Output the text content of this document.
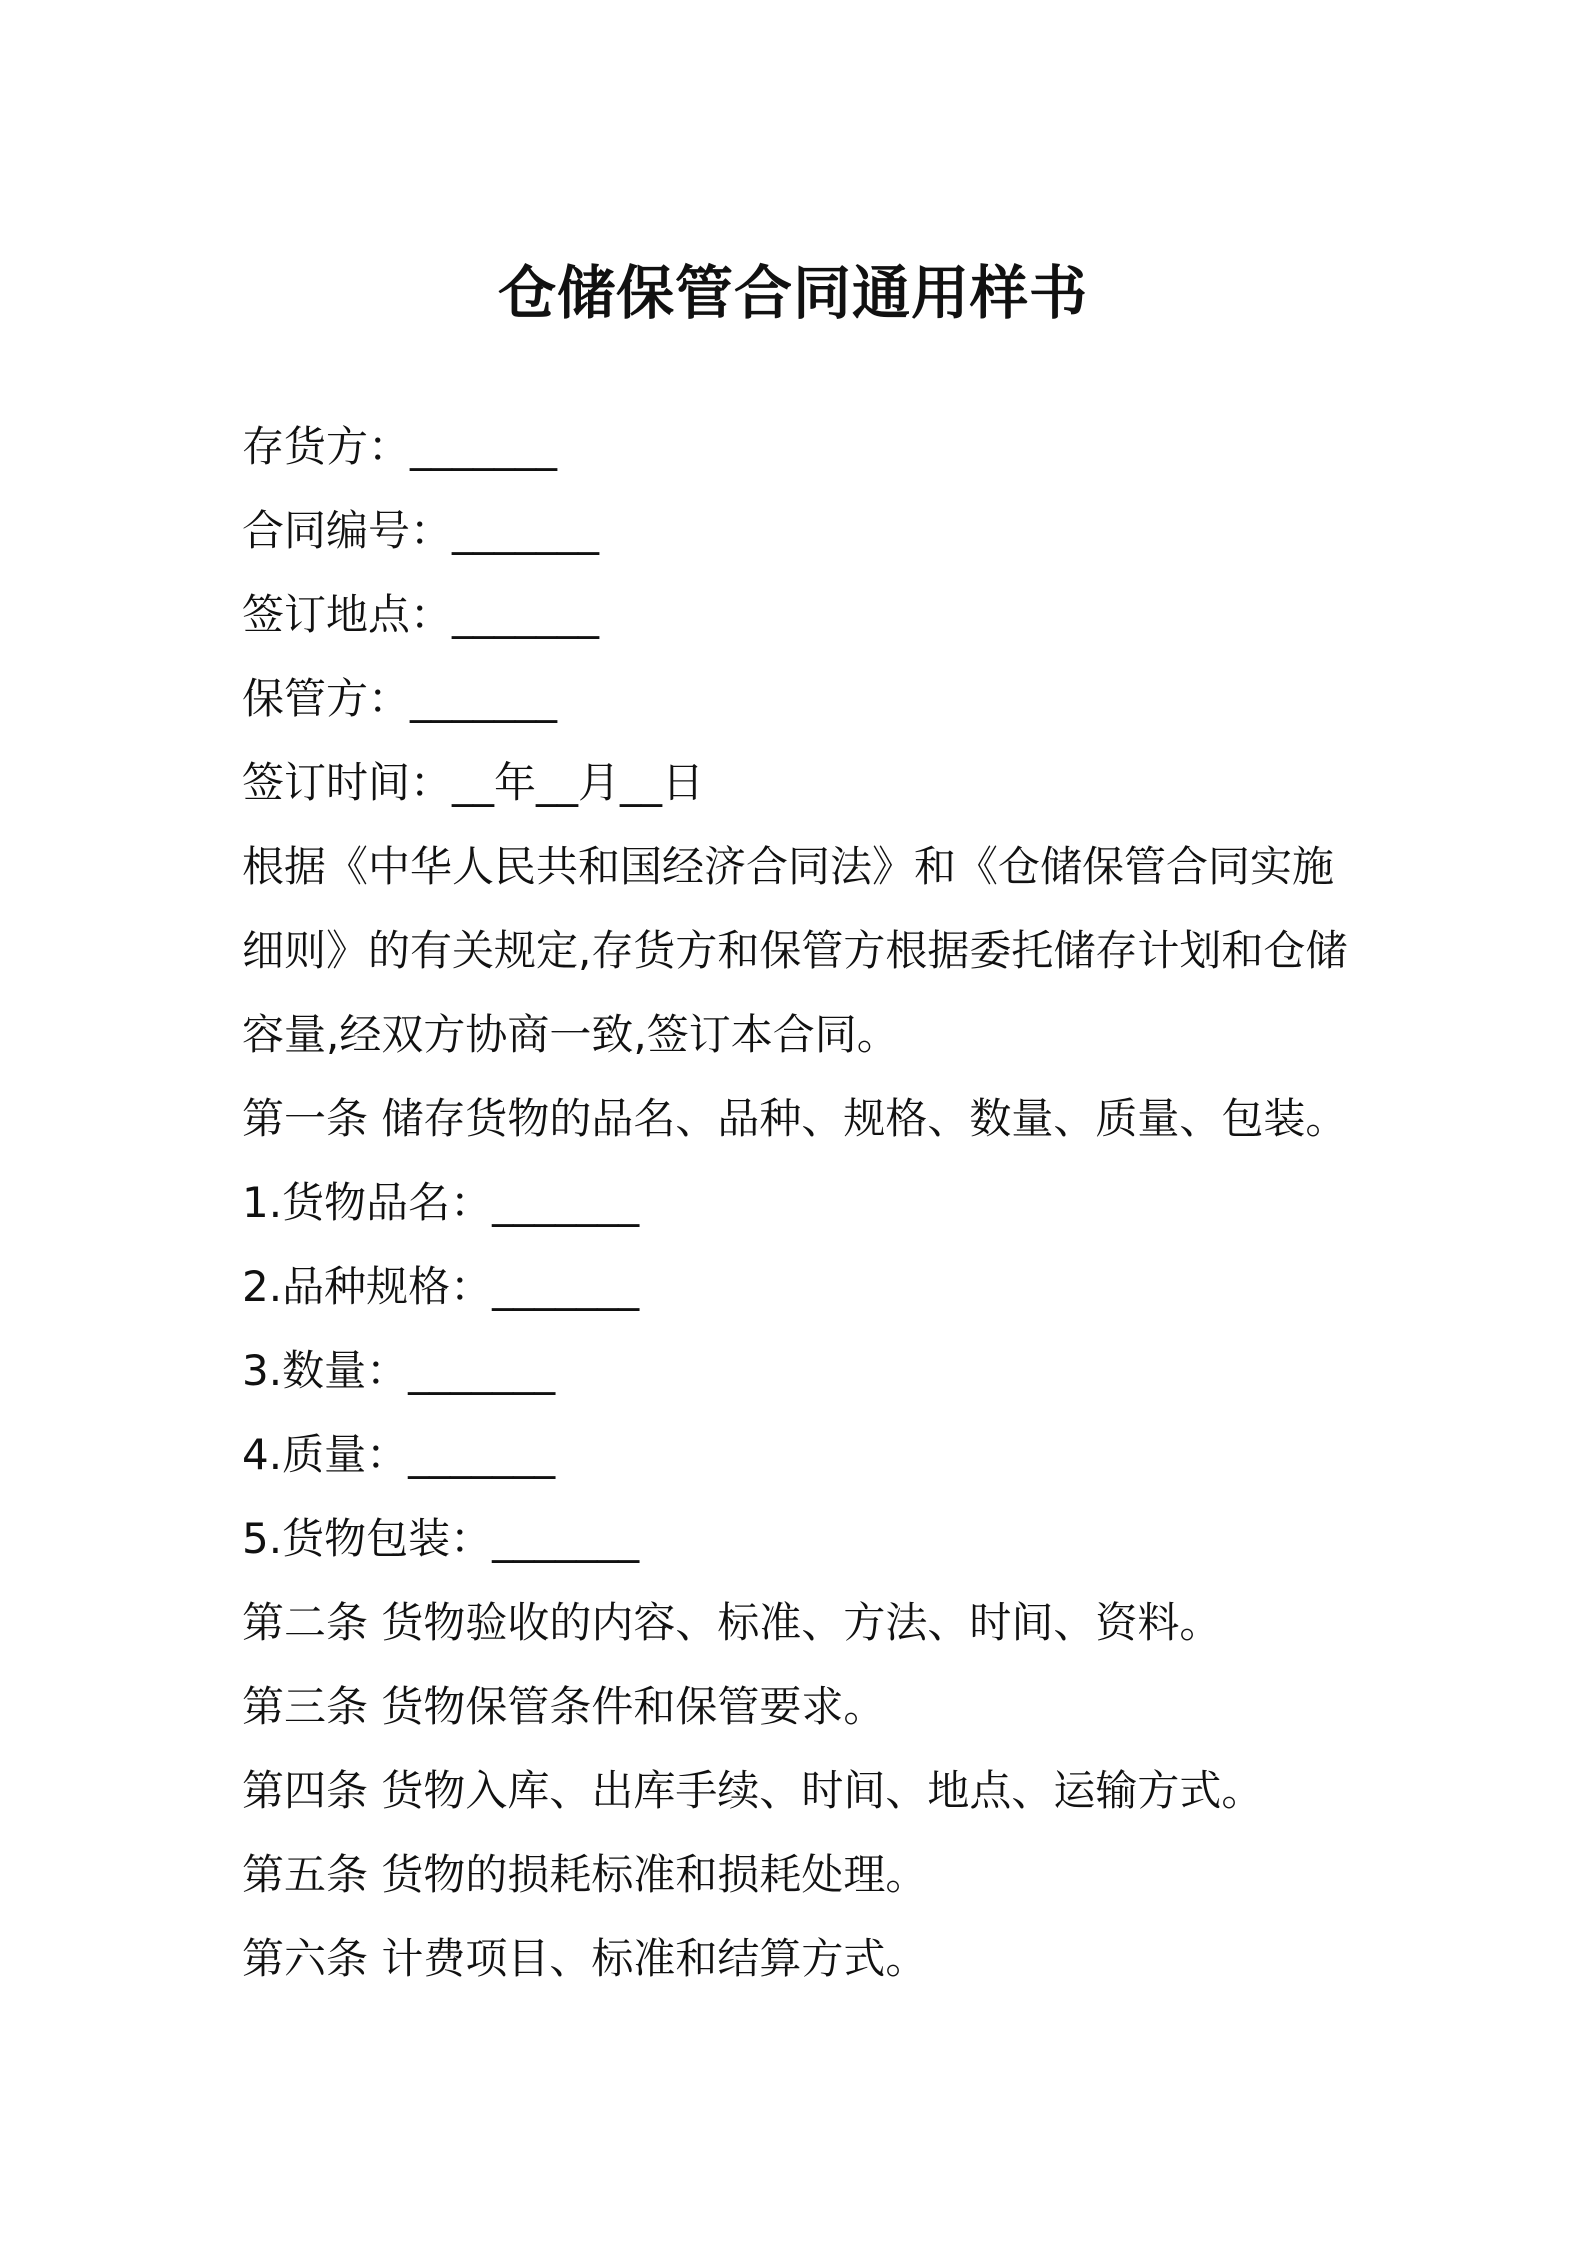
仓储保管合同通用样书
存货方：_______
合同编号：_______
签订地点：_______
保管方：_______
签订时间：__年__月__日
根据《中华人民共和国经济合同法》和《仓储保管合同实施
细则》的有关规定,存货方和保管方根据委托储存计划和仓储
容量,经双方协商一致,签订本合同。
第一条 储存货物的品名、品种、规格、数量、质量、包装。
1.货物品名：_______
2.品种规格：_______
3.数量：_______
4.质量：_______
5.货物包装：_______
第二条 货物验收的内容、标准、方法、时间、资料。
第三条 货物保管条件和保管要求。
第四条 货物入库、出库手续、时间、地点、运输方式。
第五条 货物的损耗标准和损耗处理。
第六条 计费项目、标准和结算方式。
